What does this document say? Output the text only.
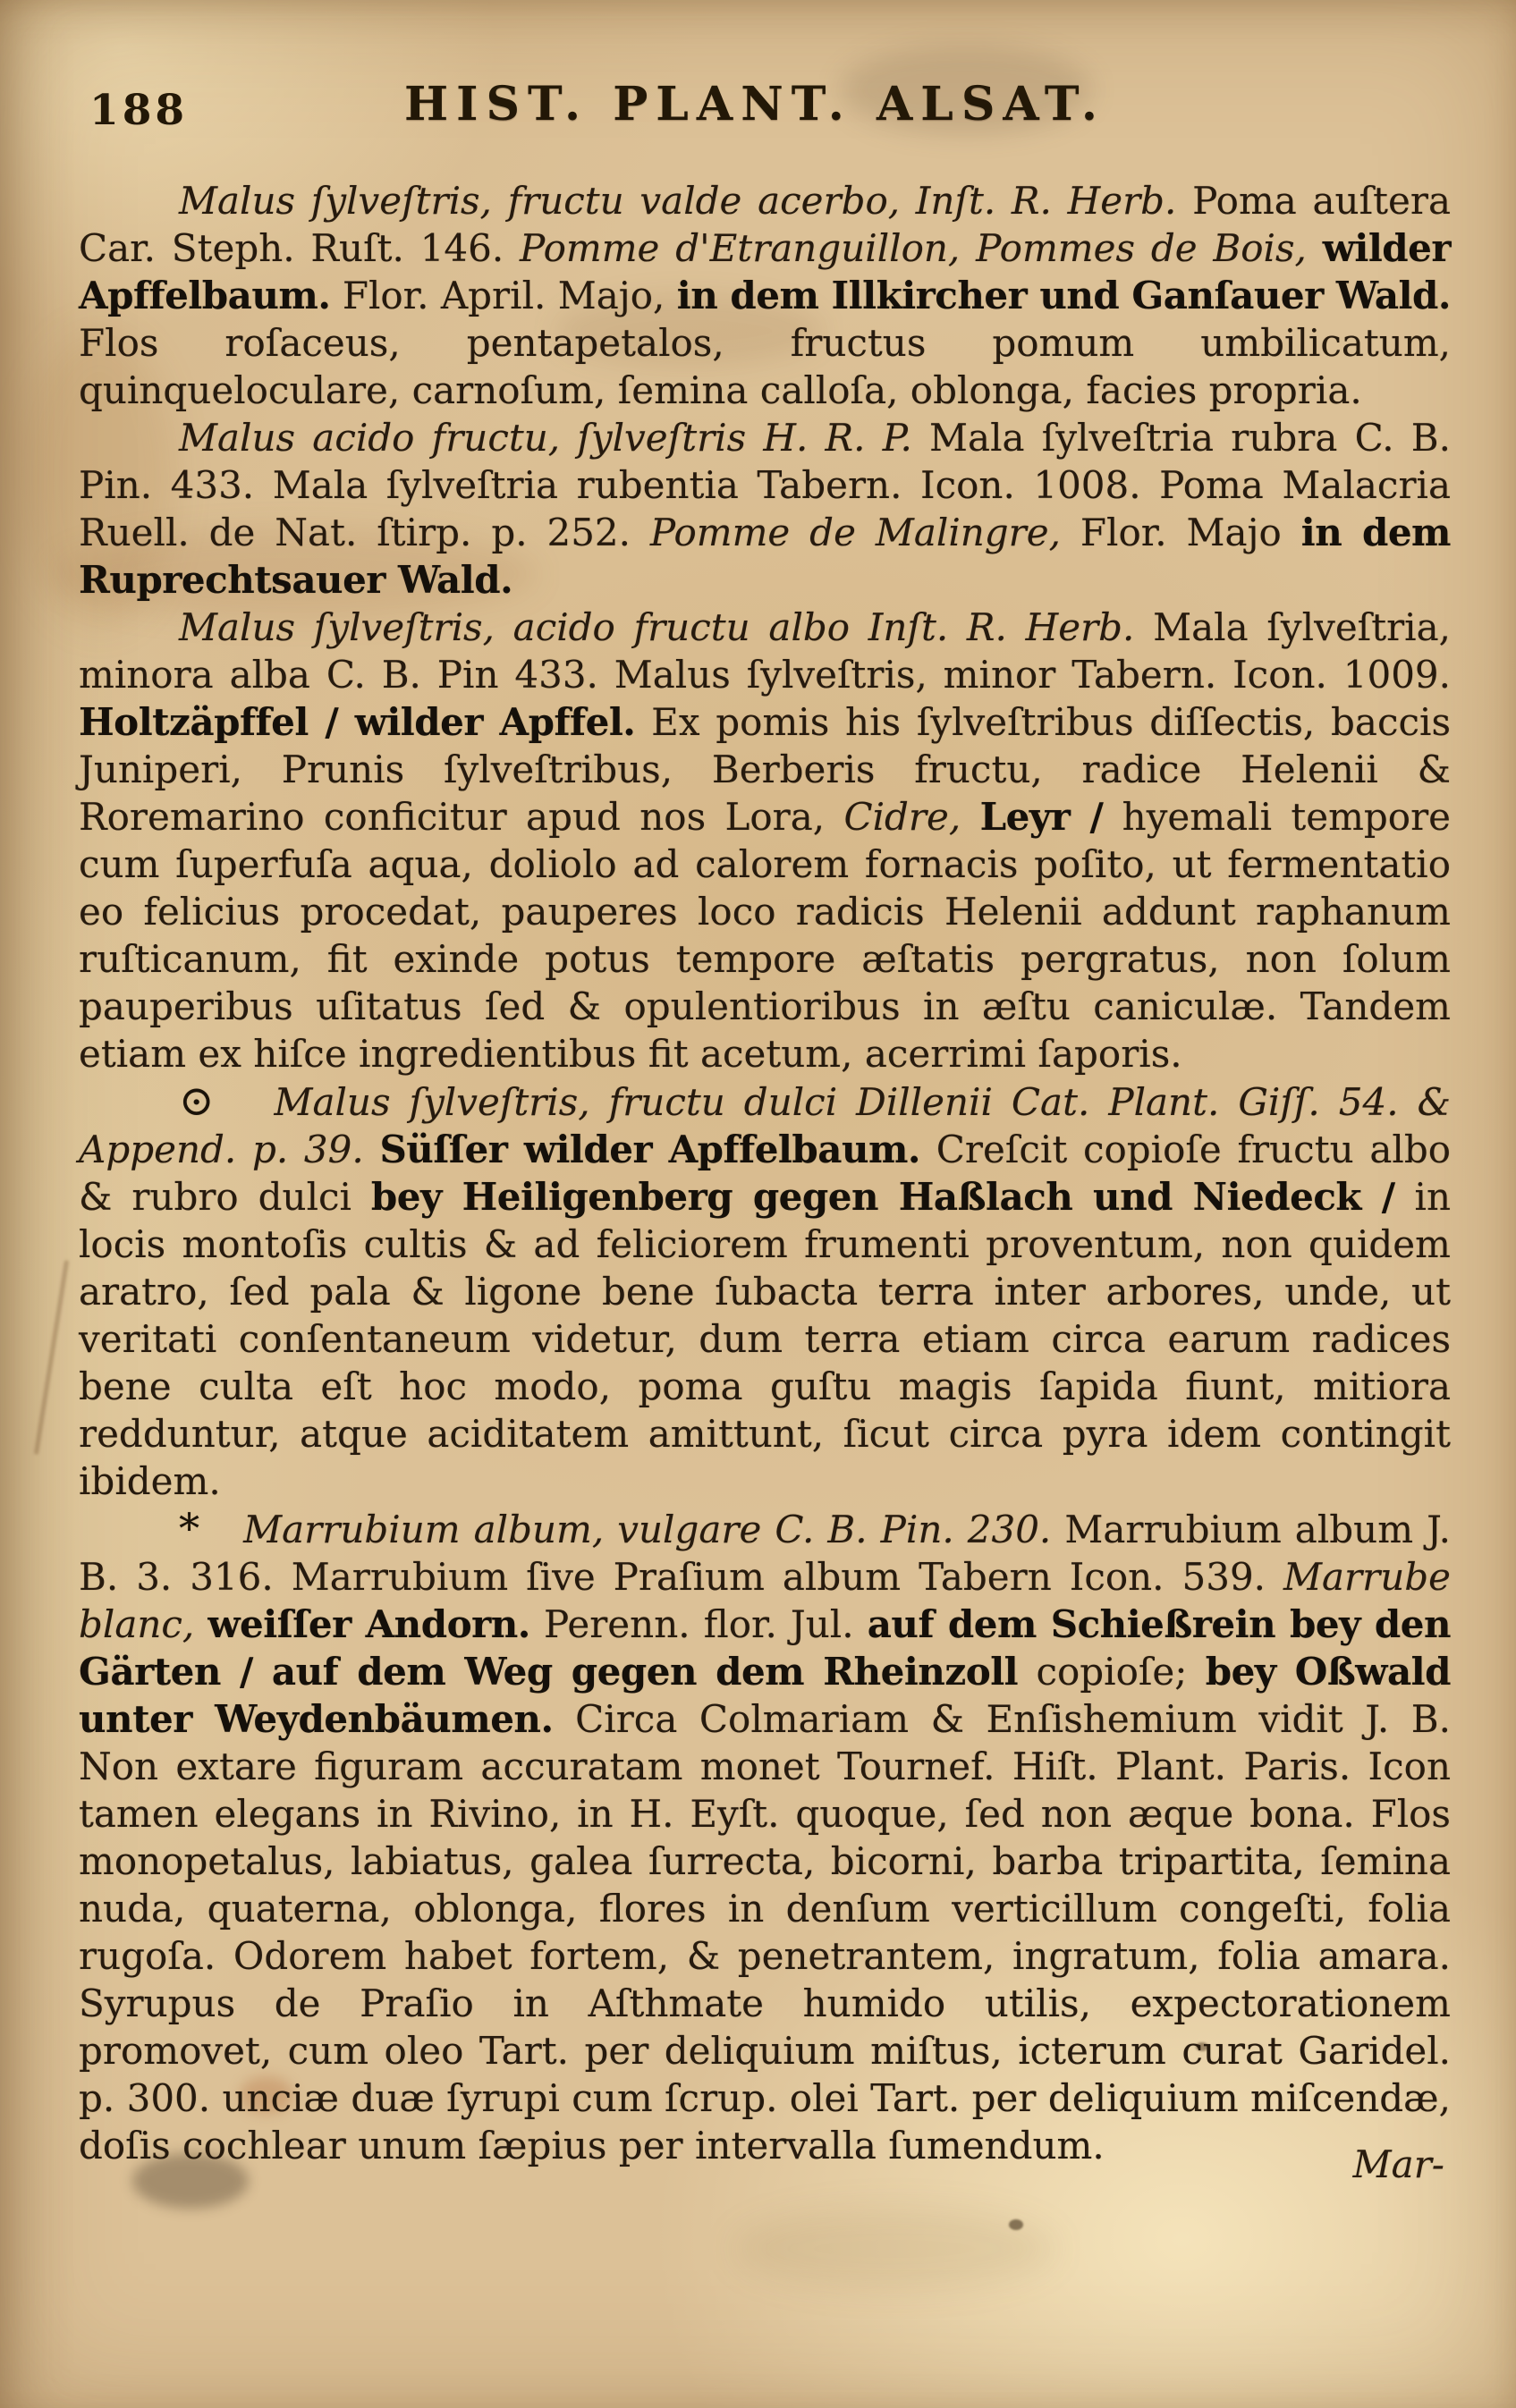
188	HIST. PLANT. ALSAT.

Malus ſylveſtris, fructu valde acerbo, Inſt. R. Herb. Poma auſtera Car. Steph. Ruſt. 146. Pomme d'Etranguillon, Pommes de Bois, wilder Apffelbaum. Flor. April. Majo, in dem Illkircher und Ganſauer Wald. Flos roſaceus, pentapetalos, fructus pomum umbilicatum, quinqueloculare, carnoſum, ſemina calloſa, oblonga, facies propria.

Malus acido fructu, ſylveſtris H. R. P. Mala ſylveſtria rubra C. B. Pin. 433. Mala ſylveſtria rubentia Tabern. Icon. 1008. Poma Malacria Ruell. de Nat. ſtirp. p. 252. Pomme de Malingre, Flor. Majo in dem Ruprechtsauer Wald.

Malus ſylveſtris, acido fructu albo Inſt. R. Herb. Mala ſylveſtria, minora alba C. B. Pin 433. Malus ſylveſtris, minor Tabern. Icon. 1009. Holtzäpffel / wilder Apffel. Ex pomis his ſylveſtribus diſſectis, baccis Juniperi, Prunis ſylveſtribus, Berberis fructu, radice Helenii & Roremarino conficitur apud nos Lora, Cidre, Leyr / hyemali tempore cum ſuperfuſa aqua, doliolo ad calorem fornacis poſito, ut fermentatio eo felicius procedat, pauperes loco radicis Helenii addunt raphanum ruſticanum, fit exinde potus tempore æſtatis pergratus, non ſolum pauperibus uſitatus ſed & opulentioribus in æſtu caniculæ. Tandem etiam ex hiſce ingredientibus fit acetum, acerrimi ſaporis.

⊙ Malus ſylveſtris, fructu dulci Dillenii Cat. Plant. Giſſ. 54. & Append. p. 39. Süſſer wilder Apffelbaum. Creſcit copioſe fructu albo & rubro dulci bey Heiligenberg gegen Haßlach und Niedeck / in locis montoſis cultis & ad feliciorem frumenti proventum, non quidem aratro, ſed pala & ligone bene ſubacta terra inter arbores, unde, ut veritati conſentaneum videtur, dum terra etiam circa earum radices bene culta eſt hoc modo, poma guſtu magis ſapida fiunt, mitiora redduntur, atque aciditatem amittunt, ſicut circa pyra idem contingit ibidem.

* Marrubium album, vulgare C. B. Pin. 230. Marrubium album J. B. 3. 316. Marrubium ſive Praſium album Tabern Icon. 539. Marrube blanc, weiſſer Andorn. Perenn. flor. Jul. auf dem Schießrein bey den Gärten / auf dem Weg gegen dem Rheinzoll copioſe; bey Oßwald unter Weydenbäumen. Circa Colmariam & Enſishemium vidit J. B. Non extare figuram accuratam monet Tournef. Hiſt. Plant. Paris. Icon tamen elegans in Rivino, in H. Eyſt. quoque, ſed non æque bona. Flos monopetalus, labiatus, galea ſurrecta, bicorni, barba tripartita, ſemina nuda, quaterna, oblonga, flores in denſum verticillum congeſti, folia rugoſa. Odorem habet fortem, & penetrantem, ingratum, folia amara. Syrupus de Praſio in Aſthmate humido utilis, expectorationem promovet, cum oleo Tart. per deliquium miſtus, icterum curat Garidel. p. 300. unciæ duæ ſyrupi cum ſcrup. olei Tart. per deliquium miſcendæ, doſis cochlear unum ſæpius per intervalla ſumendum.	Mar-
